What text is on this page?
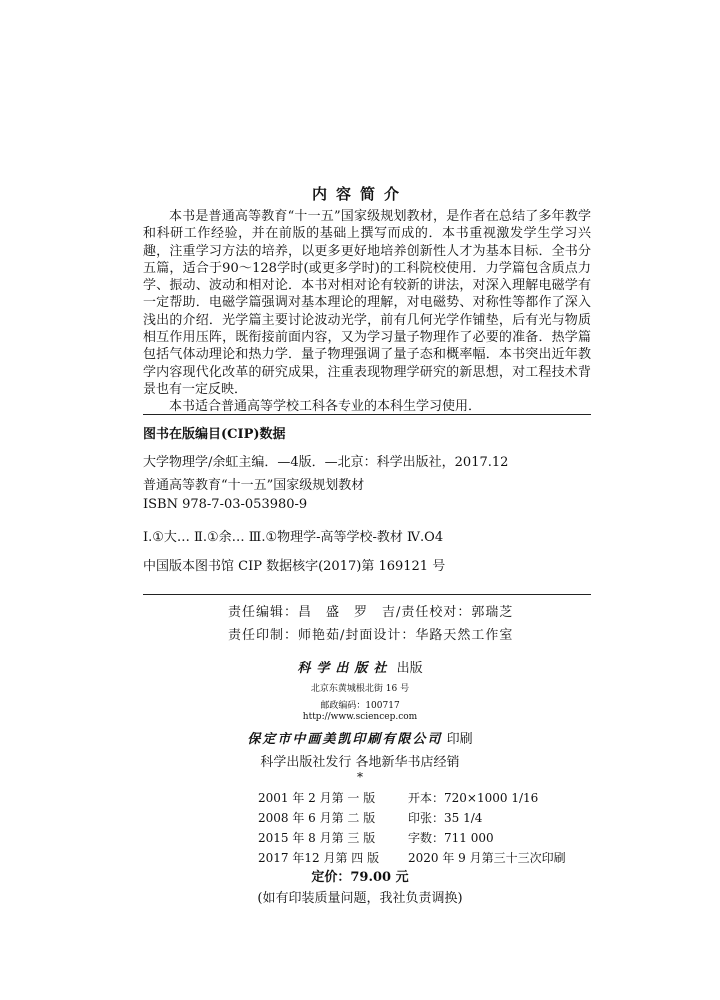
内容简介

本书是普通高等教育“十一五”国家级规划教材，是作者在总结了多年教学和科研工作经验，并在前版的基础上撰写而成的．本书重视激发学生学习兴趣，注重学习方法的培养，以更多更好地培养创新性人才为基本目标．全书分五篇，适合于90～128学时(或更多学时)的工科院校使用．力学篇包含质点力学、振动、波动和相对论．本书对相对论有较新的讲法，对深入理解电磁学有一定帮助．电磁学篇强调对基本理论的理解，对电磁势、对称性等都作了深入浅出的介绍．光学篇主要讨论波动光学，前有几何光学作铺垫，后有光与物质相互作用压阵，既衔接前面内容，又为学习量子物理作了必要的准备．热学篇包括气体动理论和热力学．量子物理强调了量子态和概率幅．本书突出近年教学内容现代化改革的研究成果，注重表现物理学研究的新思想，对工程技术背景也有一定反映．

本书适合普通高等学校工科各专业的本科生学习使用．

图书在版编目(CIP)数据
大学物理学/余虹主编．—4版．—北京：科学出版社，2017.12
普通高等教育“十一五”国家级规划教材
ISBN 978-7-03-053980-9
Ⅰ.①大… Ⅱ.①余… Ⅲ.①物理学-高等学校-教材 Ⅳ.O4
中国版本图书馆 CIP 数据核字(2017)第 169121 号
责任编辑：昌　盛　罗　吉/责任校对：郭瑞芝
责任印制：师艳茹/封面设计：华路天然工作室
科学出版社 出版
北京东黄城根北街 16 号
邮政编码：100717
http://www.sciencep.com
保定市中画美凯印刷有限公司 印刷
科学出版社发行 各地新华书店经销
*
2001 年 2 月第 一 版	开本：720×1000 1/16
2008 年 6 月第 二 版	印张：35 1/4
2015 年 8 月第 三 版	字数：711 000
2017 年12 月第 四 版 2020 年 9 月第三十三次印刷
定价：79.00 元
(如有印装质量问题，我社负责调换)
